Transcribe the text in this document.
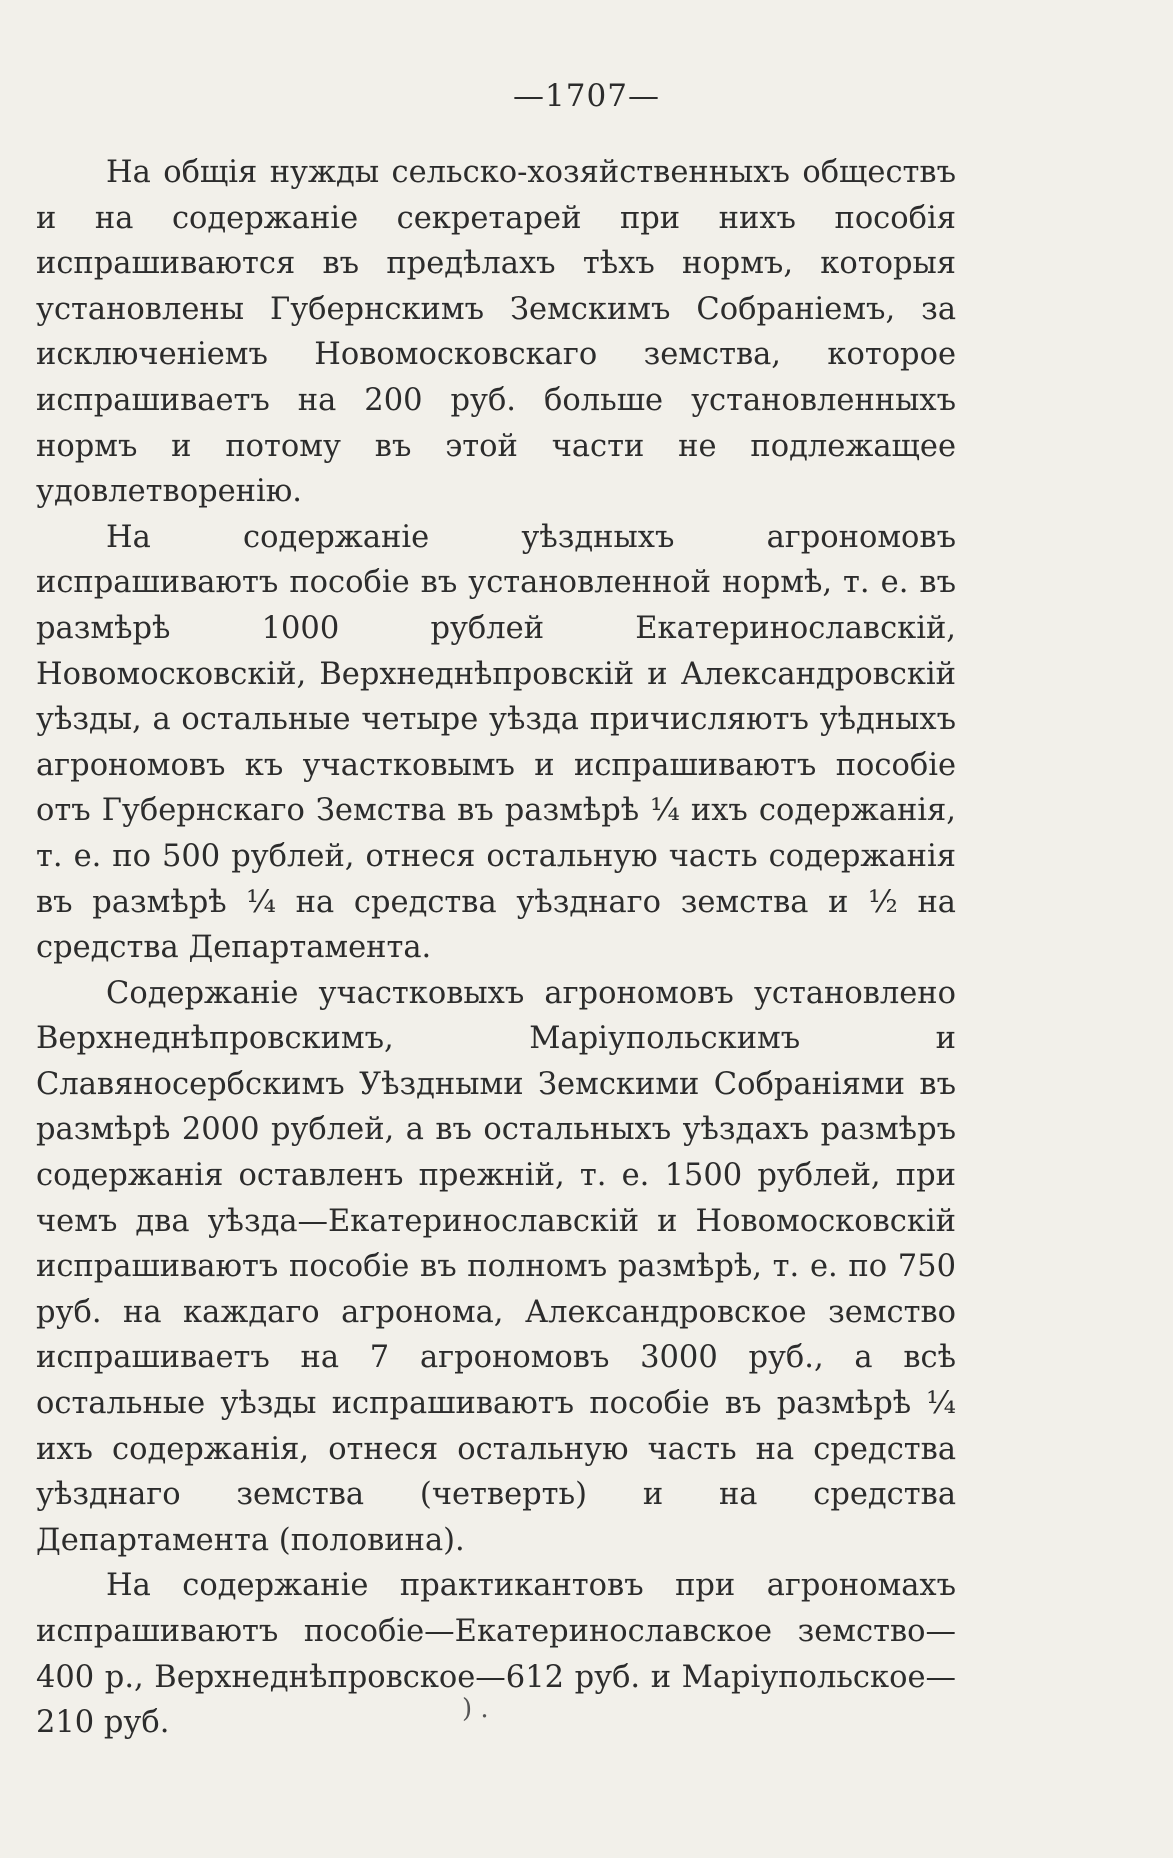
—1707—

На общія нужды сельско-хозяйственныхъ обществъ и на содержаніе секретарей при нихъ пособія испрашиваются въ предѣлахъ тѣхъ нормъ, которыя установлены Губернскимъ Земскимъ Собраніемъ, за исключеніемъ Новомосковскаго земства, которое испрашиваетъ на 200 руб. больше установленныхъ нормъ и потому въ этой части не подлежащее удовлетворенію.

На содержаніе уѣздныхъ агрономовъ испрашиваютъ пособіе въ установленной нормѣ, т. е. въ размѣрѣ 1000 рублей Екатеринославскій, Новомосковскій, Верхнеднѣпровскій и Александровскій уѣзды, а остальные четыре уѣзда причисляютъ уѣдныхъ агрономовъ къ участковымъ и испрашиваютъ пособіе отъ Губернскаго Земства въ размѣрѣ ¼ ихъ содержанія, т. е. по 500 рублей, отнеся остальную часть содержанія въ размѣрѣ ¼ на средства уѣзднаго земства и ½ на средства Департамента.

Содержаніе участковыхъ агрономовъ установлено Верхнеднѣпровскимъ, Маріупольскимъ и Славяносербскимъ Уѣздными Земскими Собраніями въ размѣрѣ 2000 рублей, а въ остальныхъ уѣздахъ размѣръ содержанія оставленъ прежній, т. е. 1500 рублей, при чемъ два уѣзда—Екатеринославскій и Новомосковскій испрашиваютъ пособіе въ полномъ размѣрѣ, т. е. по 750 руб. на каждаго агронома, Александровское земство испрашиваетъ на 7 агрономовъ 3000 руб., а всѣ остальные уѣзды испрашиваютъ пособіе въ размѣрѣ ¼ ихъ содержанія, отнеся остальную часть на средства уѣзднаго земства (четверть) и на средства Департамента (половина).

На содержаніе практикантовъ при агрономахъ испрашиваютъ пособіе—Екатеринославское земство—400 р., Верхнеднѣпровское—612 руб. и Маріупольское—210 руб.	) .
